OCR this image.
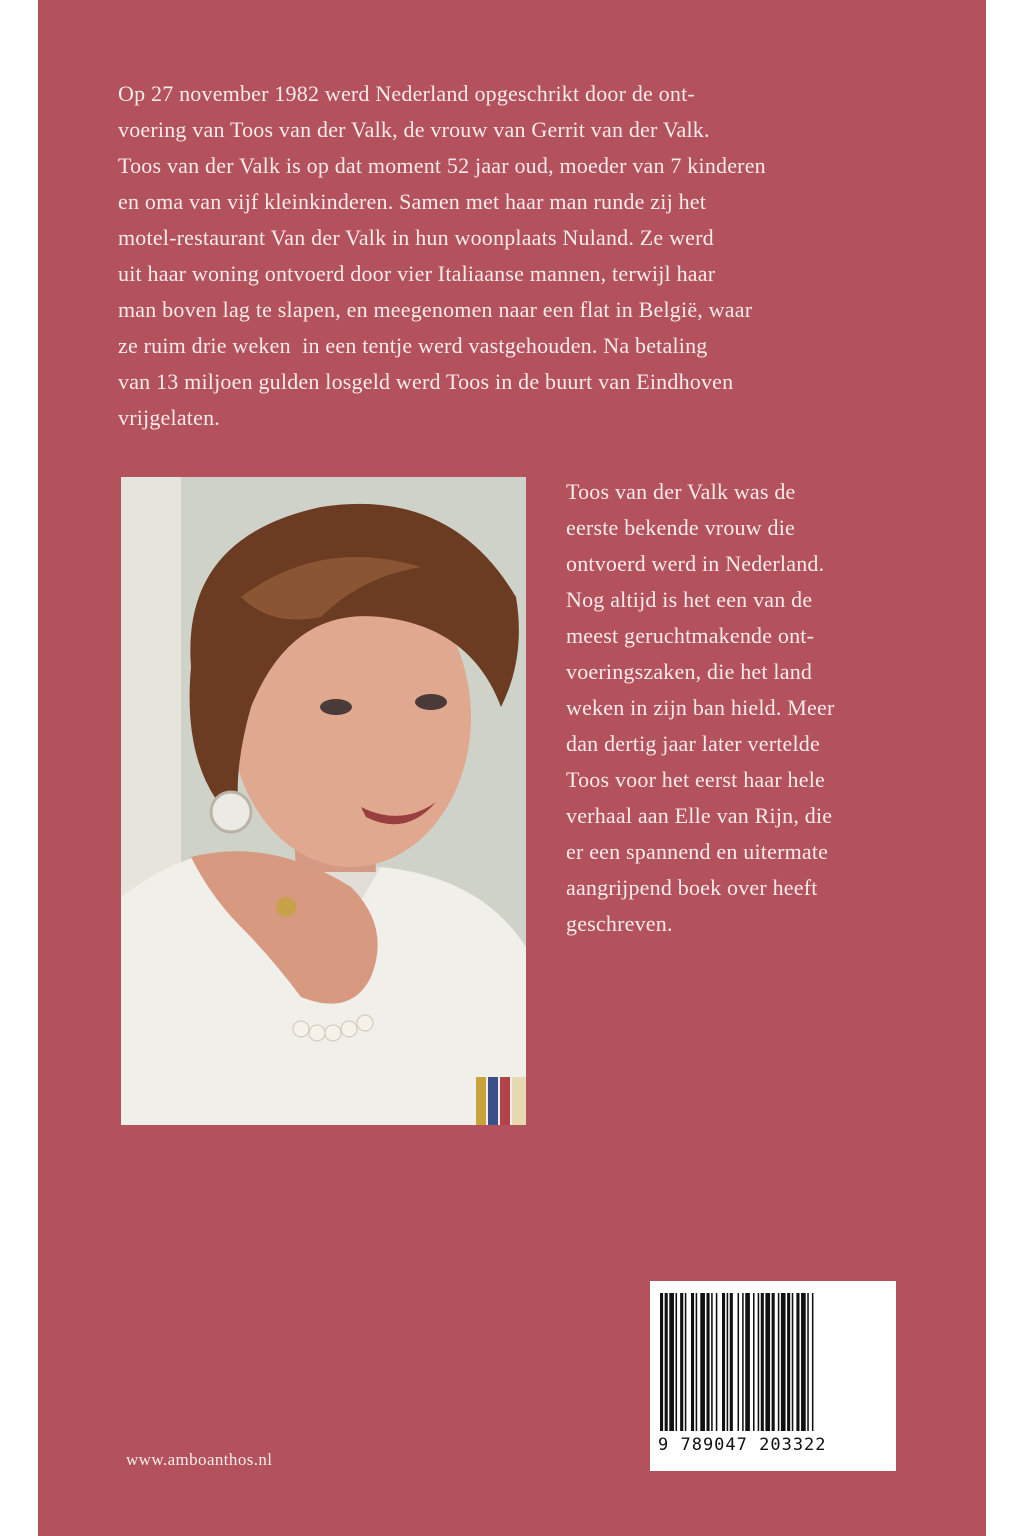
Op 27 november 1982 werd Nederland opgeschrikt door de ont-

voering van Toos van der Valk, de vrouw van Gerrit van der Valk.

Toos van der Valk is op dat moment 52 jaar oud, moeder van 7 kinderen

en oma van vijf kleinkinderen. Samen met haar man runde zij het

motel-restaurant Van der Valk in hun woonplaats Nuland. Ze werd

uit haar woning ontvoerd door vier Italiaanse mannen, terwijl haar

man boven lag te slapen, en meegenomen naar een flat in België, waar

ze ruim drie weken  in een tentje werd vastgehouden. Na betaling

van 13 miljoen gulden losgeld werd Toos in de buurt van Eindhoven

vrijgelaten.

Toos van der Valk was de

eerste bekende vrouw die

ontvoerd werd in Nederland.

Nog altijd is het een van de

meest geruchtmakende ont-

voeringszaken, die het land

weken in zijn ban hield. Meer

dan dertig jaar later vertelde

Toos voor het eerst haar hele

verhaal aan Elle van Rijn, die

er een spannend en uitermate

aangrijpend boek over heeft

geschreven.

9 789047 203322
www.amboanthos.nl
